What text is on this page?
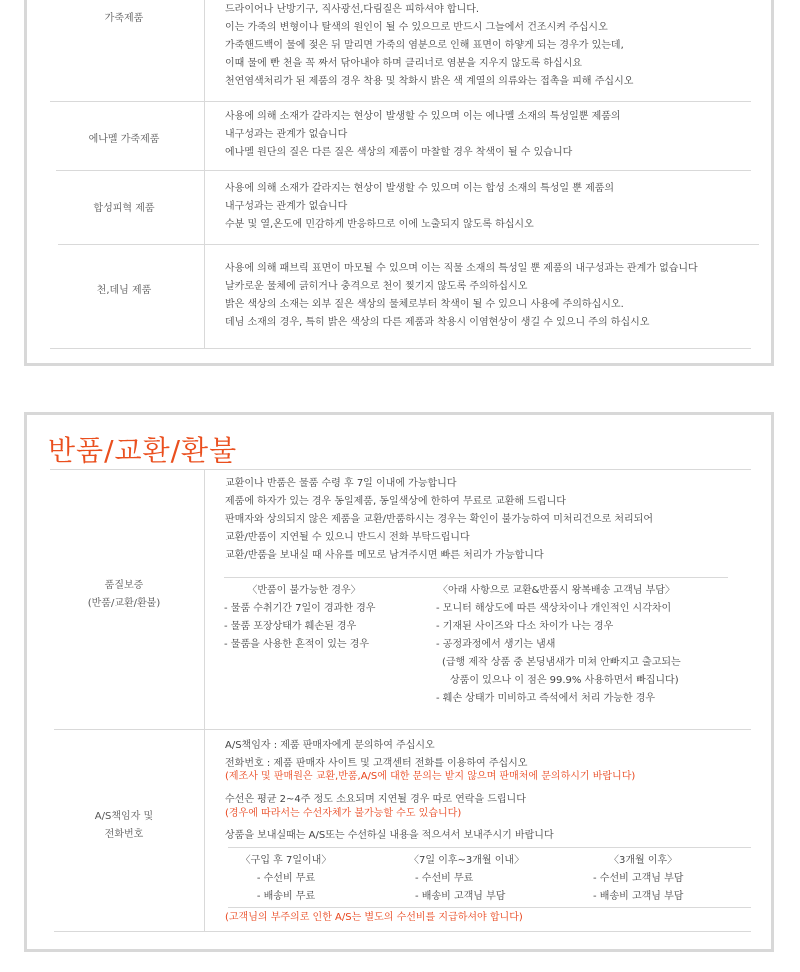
가죽제품
드라이어나 난방기구, 직사광선,다림질은 피하셔야 합니다.
이는 가죽의 변형이나 탈색의 원인이 될 수 있으므로 반드시 그늘에서 건조시켜 주십시오
가죽핸드백이 물에 젖은 뒤 말리면 가죽의 염분으로 인해 표면이 하얗게 되는 경우가 있는데,
이때 물에 빤 천을 꼭 짜서 닦아내야 하며 클리너로 염분을 지우지 않도록 하십시요
천연염색처리가 된 제품의 경우 착용 및 착화시 밝은 색 계열의 의류와는 접촉을 피해 주십시오
에나멜 가죽제품
사용에 의해 소재가 갈라지는 현상이 발생할 수 있으며 이는 에나멜 소재의 특성일뿐 제품의
내구성과는 관계가 없습니다
에나멜 원단의 질은 다른 질은 색상의 제품이 마찰할 경우 착색이 될 수 있습니다
합성피혁 제품
사용에 의해 소재가 갈라지는 현상이 발생할 수 있으며 이는 합성 소재의 특성일 뿐 제품의
내구성과는 관계가 없습니다
수분 및 열,온도에 민감하게 반응하므로 이에 노출되지 않도록 하십시오
천,데님 제품
사용에 의해 패브릭 표면이 마모될 수 있으며 이는 직물 소재의 특성일 뿐 제품의 내구성과는 관계가 없습니다
날카로운 물체에 긁히거나 충격으로 천이 찢기지 않도록 주의하십시오
밝은 색상의 소재는 외부 짙은 색상의 물체로부터 착색이 될 수 있으니 사용에 주의하십시오.
데님 소재의 경우, 특히 밝은 색상의 다른 제품과 착용시 이염현상이 생길 수 있으니 주의 하십시오
반품/교환/환불
품질보증
(반품/교환/환불)
교환이나 반품은 물품 수령 후 7일 이내에 가능합니다
제품에 하자가 있는 경우 동일제품, 동일색상에 한하여 무료로 교환해 드립니다
판매자와 상의되지 않은 제품을 교환/반품하시는 경우는 확인이 불가능하여 미처리건으로 처리되어
교환/반품이 지연될 수 있으니 반드시 전화 부탁드립니다
교환/반품을 보내실 때 사유를 메모로 남겨주시면 빠른 처리가 가능합니다
〈반품이 불가능한 경우〉
- 물품 수취기간 7일이 경과한 경우
- 물품 포장상태가 훼손된 경우
- 물품을 사용한 흔적이 있는 경우
〈아래 사항으로 교환&반품시 왕복배송 고객님 부담〉
- 모니터 해상도에 따른 색상차이나 개인적인 시각차이
- 기재된 사이즈와 다소 차이가 나는 경우
- 공정과정에서 생기는 냄새
(급행 제작 상품 중 본딩냄새가 미쳐 안빠지고 출고되는
상품이 있으나 이 점은 99.9% 사용하면서 빠집니다)
- 훼손 상태가 미비하고 즉석에서 처리 가능한 경우
A/S책임자 및
전화번호
A/S책임자 : 제품 판매자에게 문의하여 주십시오
전화번호 : 제품 판매자 사이트 및 고객센터 전화를 이용하여 주십시오
(제조사 및 판매원은 교환,반품,A/S에 대한 문의는 받지 않으며 판매처에 문의하시기 바랍니다)
수선은 평균 2~4주 정도 소요되며 지연될 경우 따로 연락을 드립니다
(경우에 따라서는 수선자체가 불가능할 수도 있습니다)
상품을 보내실때는 A/S또는 수선하실 내용을 적으셔서 보내주시기 바랍니다
〈구입 후 7일이내〉
- 수선비 무료
- 배송비 무료
〈7일 이후~3개월 이내〉
- 수선비 무료
- 배송비 고객님 부담
〈3개월 이후〉
- 수선비 고객님 부담
- 배송비 고객님 부담
(고객님의 부주의로 인한 A/S는 별도의 수선비를 지급하셔야 합니다)
